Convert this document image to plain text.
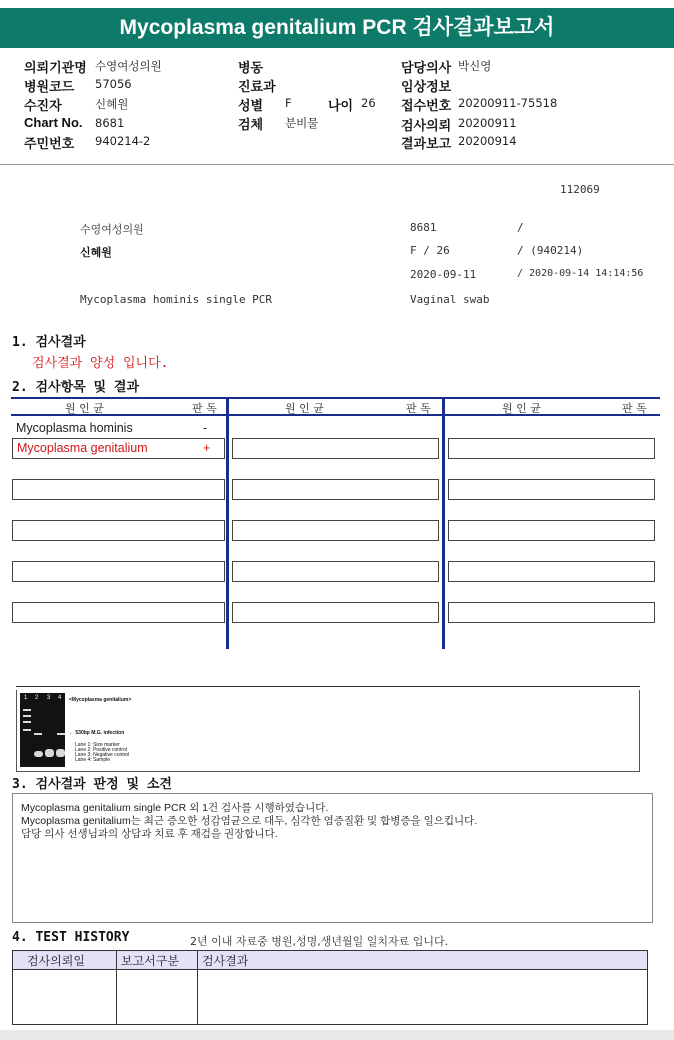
Mycoplasma genitalium PCR 검사결과보고서
의뢰기관명 수영여성의원
병원코드 57056
수진자	신혜원
Chart No. 8681
주민번호 940214-2
병동
진료과
성별 F	나이 26
검체 분비물
담당의사 박신영
임상정보
접수번호 20200911-75518
검사의뢰 20200911
결과보고 20200914
112069
수영여성의원	8681	/
신혜원	F / 26	/ (940214)
2020-09-11	/ 2020-09-14 14:14:56
Mycoplasma hominis single PCR	Vaginal swab
1. 검사결과
검사결과 양성 입니다.
2. 검사항목 및 결과
원 인 균	판 독	원 인 균	판 독	원 인 균	판 독
Mycoplasma hominis	-
Mycoplasma genitalium	+
1 2 3 4 <Mycoplasma genitalium>
← 530bp M.G. infection
Lane 1: Size marker
Lane 2: Positive control
Lane 3: Negative control
Lane 4: Sample
3. 검사결과 판정 및 소견
Mycoplasma genitalium single PCR 외 1건 검사를 시행하였습니다.
Mycoplasma genitalium는 최근 증오한 성감염균으로 대두, 심각한 염증질환 및 합병증을 일으킵니다.
담당 의사 선생님과의 상담과 치료 후 재검을 권장합니다.
4. TEST HISTORY	2년 이내 자료중 병원,성명,생년월일 일치자료 입니다.
검사의뢰일	보고서구분	검사결과
